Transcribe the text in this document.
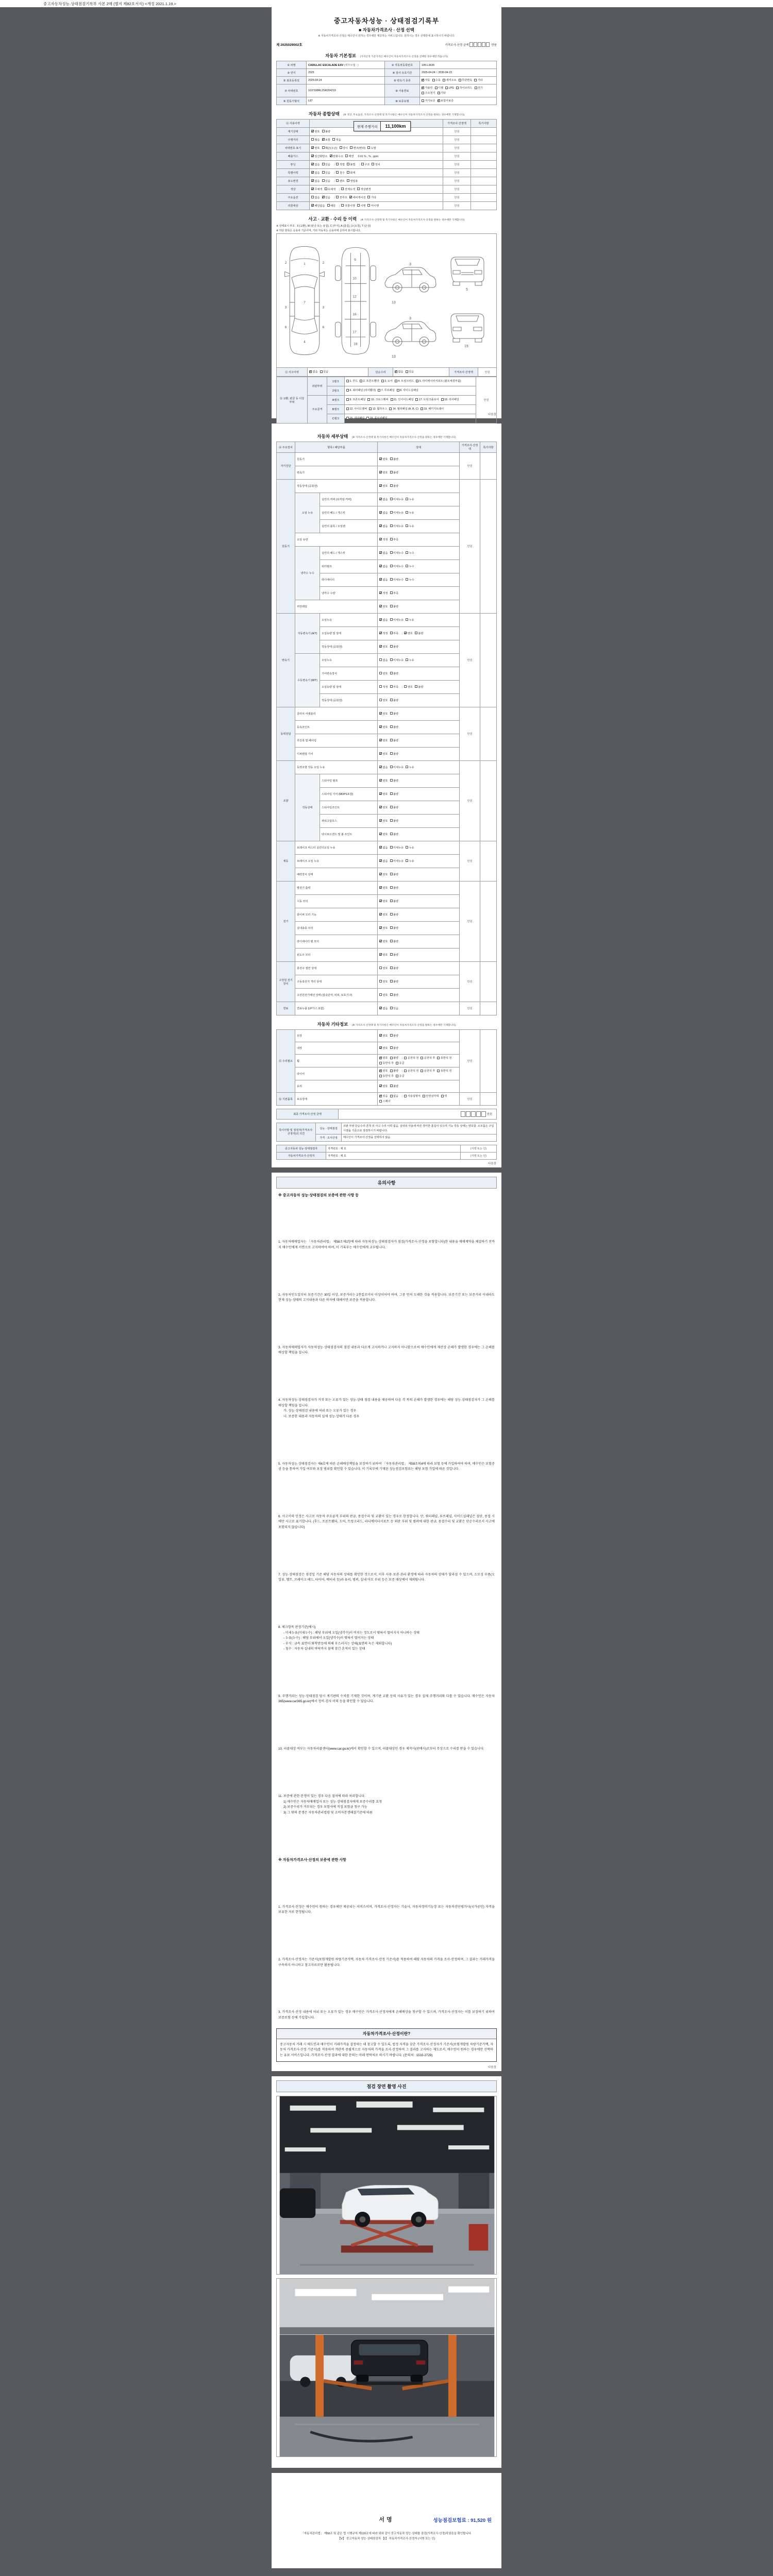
중고자동차성능·상태점검기록부 사본 2매 (별지 제82호서식) <개정 2021.1.19.>
중고자동차성능 · 상태점검기록부
■ 자동차가격조사 · 산정 선택
※ 자동차가격조사·산정은 매수인이 원하는 경우에만 제공하는 서비스입니다. 원하시는 경우 선택란에 표시하시기 바랍니다.
제 2025029002호	가격조사·산정 금액	만원
자동차 기본정보 (가격산정 기준가격은 매수인이 자동차가격조사·산정을 선택한 경우에만 적습니다)
① 차명	CADILLAC ESCALADE ESV (세부모델 : )	② 자동차등록번호	195도3635
③ 연식	2025	④ 검사 유효기간	2025-04-24 ~ 2030-04-23
⑤ 최초등록일	2025-04-24	⑥ 변속기 종류	✓자동 수동 세미오토 무단변속 기타
⑦ 차대번호	1GYS98RL2SR204219	⑧ 사용연료	✓가솔린 디젤 LPG 하이브리드 전기수소전기 기타
⑨ 원동기형식	L87	⑩ 보증유형	자가보증 ✓ 보험사보증
자동차 종합상태 (※ 색상, 주요옵션, 가격조사·산정액 및 특기사항은 매수인이 자동차가격조사·산정을 원하는 경우에만 기재합니다)
⑪ 사용이력		가격조사·산정액	특기사항
계기상태	✓양호 불량	만원	
주행거리	많음 ✓ 보통 적음	만원	
차대번호 표기	✓양호 훼손(오손) 상이 변조(변타) 도말	만원	
배출가스	✓일산화탄소 ✓ 탄화수소 매연 0.01 % , % , ppm	만원	
튜닝	✓없음 있음 | 적법 불법 | 구조 장치	만원	
특별이력	✓없음 있음 | 침수 화재	만원	
용도변경	✓없음 있음 | 렌트 영업용	만원	
색상	✓무채색 유채색 | 전체도색 색상변경	만원	
주요옵션	없음 ✓ 있음 | 썬루프 ✓ 네비게이션 기타	만원	
리콜대상	✓해당없음 해당 | 리콜이행 이행 미이행	만원	
현재 주행거리	11,100km
사고 · 교환 · 수리 등 이력 (※ 가격조사·산정액 및 특기사항은 매수인이 자동차가격조사·산정을 원하는 경우에만 기재합니다)
※ 상태표시 부호 : X (교환), W (판금 또는 용접), C (부식), A (흠집), U (요철), T (손상)
※ 하단 항목은 승용차 기준이며, 기타 자동차는 승용차에 준하여 표시합니다.
1
7
4
2	2
3	3
6	6
9
10
12
16
17
18
3
13
3
13
5
19
⑫ 사고이력	✓없음 있음	단순수리	✓없음 있음	가격조사·산정액	만원
⑬ 교환, 판금 등 이상 부위	외판부위	1랭크	1. 후드 2. 프론트휀더 3. 도어 4. 트렁크리드 5. 라디에이터서포트 (볼트체결부품)	만원
		2랭크	6. 쿼터패널 (리어휀더) 7. 루프패널 8. 사이드실패널	
	주요골격	A랭크	9. 프론트패널 10. 크로스멤버 11. 인사이드패널 17. 트렁크플로어 18. 리어패널	
		B랭크	12. 사이드멤버 13. 휠하우스 14. 필러패널 (A, B, C) 19. 패키지트레이	
		C랭크	15. 대쉬패널 16. 플로어패널	
다음장
자동차 세부상태 (※ 가격조사·산정액 및 특기사항은 매수인이 자동차가격조사·산정을 원하는 경우에만 기재합니다)
⑭ 주요장치	항목 / 해당부품		상태	가격조사·산정액	특기사항
자기진단	원동기	✓양호 불량	만원	
	변속기	✓양호 불량
원동기	작동상태 (공회전)	✓양호 불량	만원	
	오일 누유	실린더 커버 (로커암 커버)	✓없음 미세누유 누유
		실린더 헤드 / 개스킷	✓없음 미세누유 누유
		실린더 블록 / 오일팬	✓없음 미세누유 누유
	오일 유량	✓적정 부족
	냉각수 누수	실린더 헤드 / 개스킷	✓없음 미세누수 누수
		워터펌프	✓없음 미세누수 누수
		라디에이터	✓없음 미세누수 누수
		냉각수 수량	✓적정 부족
	커먼레일	✓양호 불량
변속기	자동변속기 (A/T)	오일누유	✓없음 미세누유 누유	만원	
		오일유량 및 상태	✓적정 부족 | ✓ 양호 불량
		작동상태 (공회전)	✓양호 불량
	수동변속기 (M/T)	오일누유	없음 미세누유 누유		
		기어변속장치	양호 불량		
		오일유량 및 상태	적정 부족 | 양호 불량		
		작동상태 (공회전)	양호 불량		
동력전달	클러치 어셈블리	✓양호 불량	만원	
	등속조인트	✓양호 불량
	추진축 및 베어링	✓양호 불량
	디퍼렌셜 기어	✓양호 불량
조향	동력조향 작동 오일 누유	✓없음 미세누유 누유	만원	
	작동상태	스티어링 펌프	✓양호 불량
		스티어링 기어 (MDPS포함)	✓양호 불량
		스티어링조인트	✓양호 불량
		파워고압호스	✓양호 불량
		타이로드엔드 및 볼 조인트	✓양호 불량
제동	브레이크 마스터 실린더오일 누유	✓없음 미세누유 누유	만원	
	브레이크 오일 누유	✓없음 미세누유 누유
	배력장치 상태	✓양호 불량
전기	발전기 출력	✓양호 불량	만원	
	시동 모터	✓양호 불량
	와이퍼 모터 기능	✓양호 불량
	실내송풍 모터	✓양호 불량
	라디에이터 팬 모터	✓양호 불량
	윈도우 모터	✓양호 불량
고전원 전기장치	충전구 절연 상태		양호 불량	만원	
	구동축전지 격리 상태		양호 불량		
	고전원전기배선 상태 (접속단자, 피복, 보호기구)		양호 불량		
연료	연료누출 (LP가스 포함)	✓없음 있음	만원	
자동차 기타정보 (※ 가격조사·산정액 및 특기사항은 매수인이 자동차가격조사·산정을 원하는 경우에만 기재합니다)
⑮ 수리필요	외장	✓양호 불량	만원	
	내장	✓양호 불량
	휠	✓양호 불량 | 운전석 전 운전석 후 동반석 전동반석 후 응급
	타이어	✓양호 불량 | 운전석 전 운전석 후 동반석 전동반석 후 응급
	유리	✓양호 불량
⑯ 기본품목	보유상태	✓있음 없음 | 사용설명서 안전삼각대 잭스패너	만원	
최종 가격조사·산정 금액	만원
특이사항 및 점검자(가격조사·산정자)의 의견	성능 · 상태점검	외판 부위 단순수리 흔적 외 사고 수리 이력 없음. 실내외 사용에 따른 경미한 흠집이 있으며 기능 작동 상태는 양호함. 소모품은 구입 시점을 기준으로 점검하시기 바랍니다.
	가격 · 조사산정	매수인이 가격조사·산정을 선택하지 않음.
중고자동차 성능·상태점검자	자격번호 : 제 호	(서명 또는 인)
자동차가격조사·산정자	자격번호 : 제 호	(서명 또는 인)
다음장
유의사항
※ 중고자동차 성능·상태점검의 보증에 관한 사항 등
1. 자동차매매업자는 「자동차관리법」 제58조제1항에 따라 자동차성능·상태점검자가 점검(가격조사·산정을 포함합니다)한 내용을 매매계약을 체결하기 전까지 매수인에게 서면으로 고지하여야 하며, 이 기록부는 매수인에게 교부됩니다.
2. 자동차인도일부터 보증기간은 30일 이상, 보증거리는 2천킬로미터 이상이어야 하며, 그중 먼저 도래한 것을 적용합니다. 보증기간 또는 보증거리 이내라도 현재 성능·상태의 고지내용과 다른 하자에 대해서만 보증을 적용합니다.
3. 자동차매매업자가 자동차성능·상태점검자의 점검 내용과 다르게 고지하거나 고지하지 아니함으로써 매수인에게 재산상 손해가 발생한 경우에는 그 손해를 배상할 책임을 집니다.
4. 자동차성능·상태점검자가 거짓 또는 오류가 있는 성능·상태 점검 내용을 제공하여 다음 각 목의 손해가 발생한 경우에는 해당 성능·상태점검자가 그 손해를 배상할 책임을 집니다.
가. 성능·상태점검 내용에 허위 또는 오류가 있는 경우
나. 보증한 내용과 자동차의 실제 성능·상태가 다른 경우
5. 자동차성능·상태점검자는 제4호에 따른 손해배상책임을 보장하기 위하여 「자동차관리법」 제58조의4에 따라 보험 등에 가입하여야 하며, 매수인은 보험증권 등을 통하여 가입 여부와 보장 범위를 확인할 수 있습니다. 이 기록부에 기재된 성능점검보험료는 해당 보험 가입에 따른 것입니다.
6. 사고이력 인정은 사고로 자동차 주요골격 부위의 판금, 용접수리 및 교환이 있는 경우로 한정합니다. 단, 쿼터패널, 루프패널, 사이드실패널은 절단, 용접 시에만 사고로 표기합니다. (후드, 프론트휀더, 도어, 트렁크리드, 라디에이터서포트 등 외판 부위 및 범퍼에 대한 판금, 용접수리 및 교환은 단순수리로서 사고에 포함되지 않습니다)
7. 성능·상태점검은 점검일 기준 해당 자동차의 상태를 확인한 것으로서, 이후 사용·보관·관리 환경에 따라 자동차의 상태가 달라질 수 있으며, 소모성 부품(오일류, 벨트, 브레이크 패드, 타이어, 배터리 등)과 유리, 범퍼, 실내 마모 부위 등은 보증 대상에서 제외됩니다.
8. 체크항목 판정기준(예시)
- 미세누유(미세누수) : 해당 부위에 오일(냉각수)이 비치는 정도로서 맺혀서 떨어지지 아니하는 상태
- 누유(누수) : 해당 부위에서 오일(냉각수)이 맺혀서 떨어지는 상태
- 부식 : 금속 표면이 화학반응에 의해 부스러지는 상태(표면의 녹은 제외합니다)
- 침수 : 자동차 실내의 바닥까지 물에 잠긴 흔적이 있는 상태
9. 주행거리는 성능·상태점검 당시 계기판의 수치를 기재한 것이며, 계기판 교환 등의 사유가 있는 경우 실제 주행거리와 다를 수 있습니다. 매수인은 자동차365(www.car365.go.kr)에서 정비·검사 이력 등을 확인할 수 있습니다.
10. 리콜대상 여부는 자동차리콜센터(www.car.go.kr)에서 확인할 수 있으며, 리콜대상인 경우 제작사(판매사)로부터 무상으로 수리를 받을 수 있습니다.
11. 보증에 관한 분쟁이 있는 경우 다음 절차에 따라 처리합니다.
1) 매수인은 자동차매매업자 또는 성능·상태점검자에게 보증수리를 요청
2) 보증수리가 거부되는 경우 보험사에 직접 보험금 청구 가능
3) 그 밖의 분쟁은 자동차관리법령 및 소비자분쟁해결기준에 따름
※ 자동차가격조사·산정의 보증에 관한 사항
1. 가격조사·산정은 매수인이 원하는 경우에만 제공되는 서비스이며, 가격조사·산정자는 기술사, 자동차정비기능장 또는 자동차진단평가사(국가공인) 자격을 보유한 자로 한정됩니다.
2. 가격조사·산정자는 기준서(보험개발원 차량기준가액, 자동차 가격조사·산정 기준서)를 적용하여 해당 자동차의 가격을 조사·산정하며, 그 결과는 거래가격을 구속하지 아니하고 참고자료로만 활용됩니다.
3. 가격조사·산정 내용에 허위 또는 오류가 있는 경우 매수인은 가격조사·산정자에게 손해배상을 청구할 수 있으며, 가격조사·산정자는 이를 보장하기 위하여 보증보험 등에 가입합니다.
자동차가격조사·산정이란?
중고자동차 거래 시 매도인과 매수인이 거래가격을 결정하는 데 참고할 수 있도록, 법정 자격을 갖춘 가격조사·산정자가 기준서(보험개발원 차량기준가액, 자동차 가격조사·산정 기준서)를 적용하여 객관적·중립적으로 자동차의 가격을 조사·산정하여 그 결과를 고지하는 제도로서, 매수인이 원하는 경우에만 선택하는 유료 서비스입니다. 가격조사·산정 결과에 대한 문의는 아래 연락처로 하시기 바랍니다. (문의처 : 1533-2729)
다음장
점검 장면 촬영 사진
서명	성능점검보험료 : 91,520 원
「자동차관리법」 제58조 및 같은 법 시행규칙 제120조에 따라 위와 같이 중고자동차 성능·상태를 점검(가격조사·산정)하였음을 확인합니다.
【Ⅴ】 중고자동차 성능·상태점검자 【Ⅰ】 자동차가격조사·산정자 (서명 또는 인)
